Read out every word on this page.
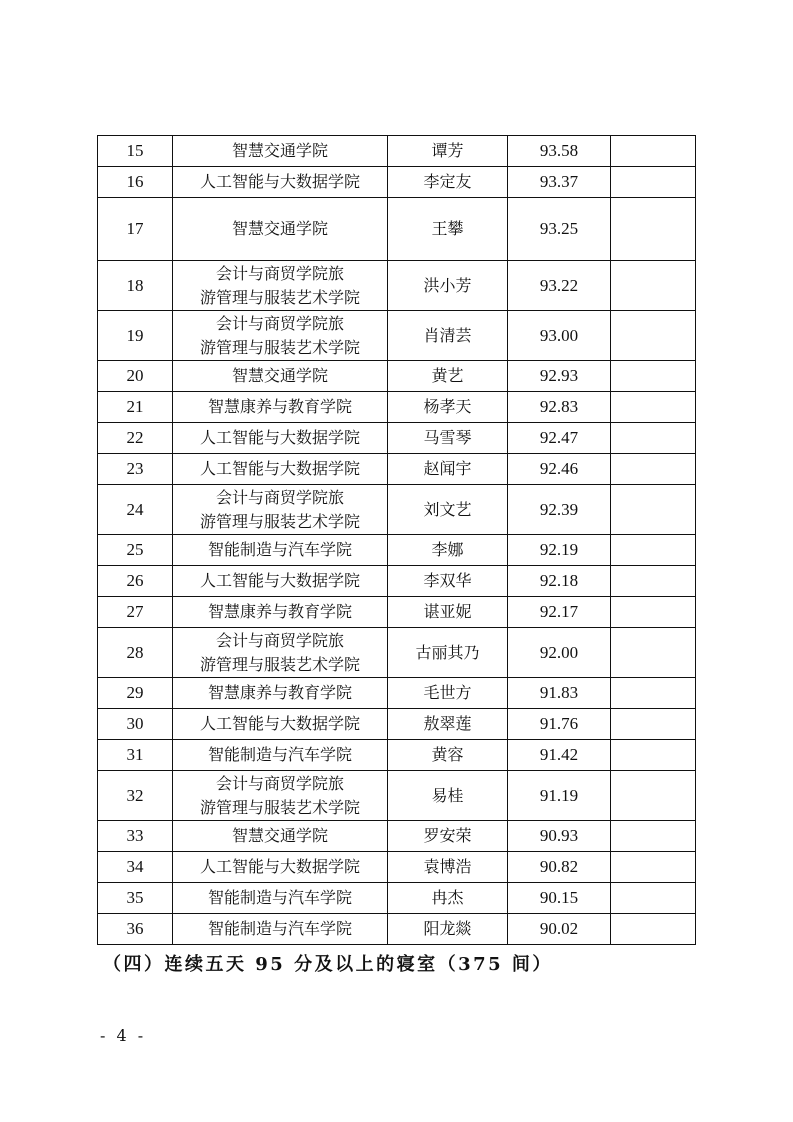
15	智慧交通学院	谭芳	93.58	
16	人工智能与大数据学院	李定友	93.37	
17	智慧交通学院	王攀	93.25	
18	会计与商贸学院旅
游管理与服装艺术学院	洪小芳	93.22	
19	会计与商贸学院旅
游管理与服装艺术学院	肖清芸	93.00	
20	智慧交通学院	黄艺	92.93	
21	智慧康养与教育学院	杨孝天	92.83	
22	人工智能与大数据学院	马雪琴	92.47	
23	人工智能与大数据学院	赵闻宇	92.46	
24	会计与商贸学院旅
游管理与服装艺术学院	刘文艺	92.39	
25	智能制造与汽车学院	李娜	92.19	
26	人工智能与大数据学院	李双华	92.18	
27	智慧康养与教育学院	谌亚妮	92.17	
28	会计与商贸学院旅
游管理与服装艺术学院	古丽其乃	92.00	
29	智慧康养与教育学院	毛世方	91.83	
30	人工智能与大数据学院	敖翠莲	91.76	
31	智能制造与汽车学院	黄容	91.42	
32	会计与商贸学院旅
游管理与服装艺术学院	易桂	91.19	
33	智慧交通学院	罗安荣	90.93	
34	人工智能与大数据学院	袁博浩	90.82	
35	智能制造与汽车学院	冉杰	90.15	
36	智能制造与汽车学院	阳龙燚	90.02	
（四）连续五天 95 分及以上的寝室（375 间）
- 4 -
